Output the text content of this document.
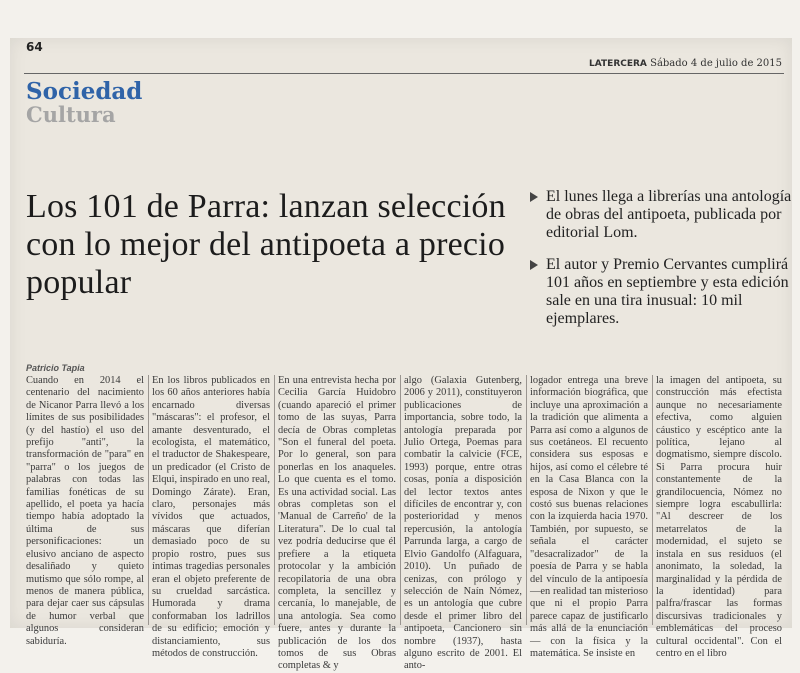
64
LATERCERA Sábado 4 de julio de 2015
Sociedad
Cultura
Los 101 de Parra: lanzan selección con lo mejor del antipoeta a precio popular
El lunes llega a librerías una antología de obras del antipoeta, publicada por editorial Lom.
El autor y Premio Cervantes cumplirá 101 años en septiembre y esta edición sale en una tira inusual: 10 mil ejemplares.
Patricio Tapia
Cuando en 2014 el centenario del nacimiento de Nicanor Parra llevó a los límites de sus posibilidades (y del hastío) el uso del prefijo "anti", la transformación de "para" en "parra" o los juegos de palabras con todas las familias fonéticas de su apellido, el poeta ya hacía tiempo había adoptado la última de sus personificaciones: un elusivo anciano de aspecto desaliñado y quieto mutismo que sólo rompe, al menos de manera pública, para dejar caer sus cápsulas de humor verbal que algunos consideran sabiduría.
En los libros publicados en los 60 años anteriores había encarnado diversas "máscaras": el profesor, el amante desventurado, el ecologista, el matemático, el traductor de Shakespeare, un predicador (el Cristo de Elqui, inspirado en uno real, Domingo Zárate). Eran, claro, personajes más vívidos que actuados, máscaras que diferían demasiado poco de su propio rostro, pues sus íntimas tragedias personales eran el objeto preferente de su crueldad sarcástica. Humorada y drama conformaban los ladrillos de su edificio; emoción y distanciamiento, sus métodos de construcción.
En una entrevista hecha por Cecilia García Huidobro (cuando apareció el primer tomo de las suyas, Parra decía de Obras completas "Son el funeral del poeta. Por lo general, son para ponerlas en los anaqueles. Lo que cuenta es el tomo. Es una actividad social. Las obras completas son el 'Manual de Carreño' de la Literatura". De lo cual tal vez podría deducirse que él prefiere a la etiqueta protocolar y la ambición recopilatoria de una obra completa, la sencillez y cercanía, lo manejable, de una antología. Sea como fuere, antes y durante la publicación de los dos tomos de sus Obras completas & y
algo (Galaxia Gutenberg, 2006 y 2011), constituyeron publicaciones de importancia, sobre todo, la antología preparada por Julio Ortega, Poemas para combatir la calvicie (FCE, 1993) porque, entre otras cosas, ponía a disposición del lector textos antes difíciles de encontrar y, con posterioridad y menos repercusión, la antología Parrunda larga, a cargo de Elvio Gandolfo (Alfaguara, 2010). Un puñado de cenizas, con prólogo y selección de Naín Nómez, es un antología que cubre desde el primer libro del antipoeta, Cancionero sin nombre (1937), hasta alguno escrito de 2001. El anto-
logador entrega una breve información biográfica, que incluye una aproximación a la tradición que alimenta a Parra así como a algunos de sus coetáneos. El recuento considera sus esposas e hijos, así como el célebre té en la Casa Blanca con la esposa de Nixon y que le costó sus buenas relaciones con la izquierda hacia 1970. También, por supuesto, se señala el carácter "desacralizador" de la poesía de Parra y se habla del vínculo de la antipoesía —en realidad tan misterioso que ni el propio Parra parece capaz de justificarlo más allá de la enunciación— con la física y la matemática. Se insiste en
la imagen del antipoeta, su construcción más efectista aunque no necesariamente efectiva, como alguien cáustico y escéptico ante la política, lejano al dogmatismo, siempre díscolo. Si Parra procura huir constantemente de la grandilocuencia, Nómez no siempre logra escabullirla: "Al descreer de los metarrelatos de la modernidad, el sujeto se instala en sus residuos (el anonimato, la soledad, la marginalidad y la pérdida de la identidad) para palfra/frascar las formas discursivas tradicionales y emblemáticas del proceso cultural occidental". Con el centro en el libro
